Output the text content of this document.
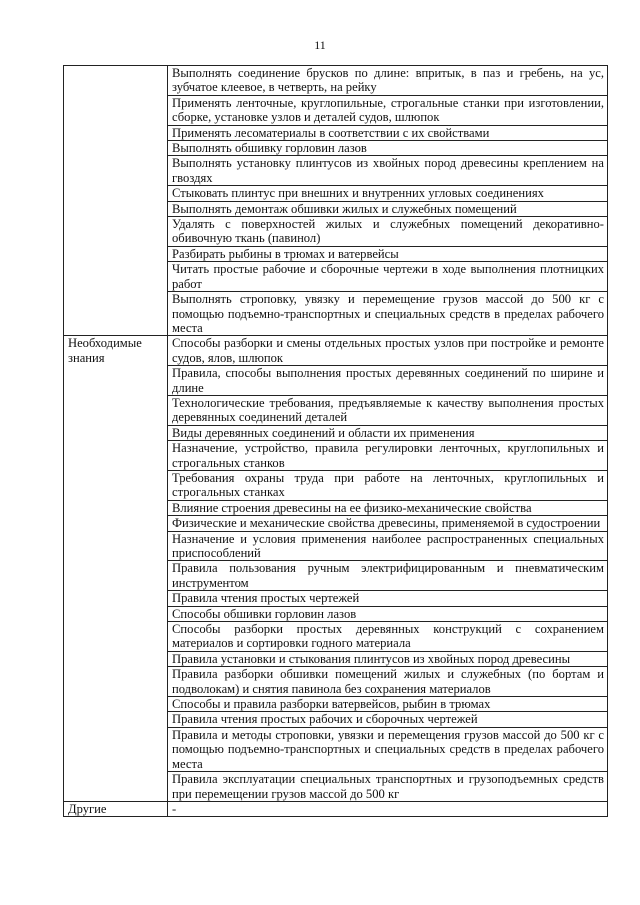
11
	Выполнять соединение брусков по длине: впритык, в паз и гребень, на ус, зубчатое клеевое, в четверть, на рейку
	Применять ленточные, круглопильные, строгальные станки при изготовлении, сборке, установке узлов и деталей судов, шлюпок
	Применять лесоматериалы в соответствии с их свойствами
	Выполнять обшивку горловин лазов
	Выполнять установку плинтусов из хвойных пород древесины креплением на гвоздях
	Стыковать плинтус при внешних и внутренних угловых соединениях
	Выполнять демонтаж обшивки жилых и служебных помещений
	Удалять с поверхностей жилых и служебных помещений декоративно-обивочную ткань (павинол)
	Разбирать рыбины в трюмах и ватервейсы
	Читать простые рабочие и сборочные чертежи в ходе выполнения плотницких работ
	Выполнять строповку, увязку и перемещение грузов массой до 500 кг с помощью подъемно-транспортных и специальных средств в пределах рабочего места
Необходимые знания	Способы разборки и смены отдельных простых узлов при постройке и ремонте судов, ялов, шлюпок
	Правила, способы выполнения простых деревянных соединений по ширине и длине
	Технологические требования, предъявляемые к качеству выполнения простых деревянных соединений деталей
	Виды деревянных соединений и области их применения
	Назначение, устройство, правила регулировки ленточных, круглопильных и строгальных станков
	Требования охраны труда при работе на ленточных, круглопильных и строгальных станках
	Влияние строения древесины на ее физико-механические свойства
	Физические и механические свойства древесины, применяемой в судостроении
	Назначение и условия применения наиболее распространенных специальных приспособлений
	Правила пользования ручным электрифицированным и пневматическим инструментом
	Правила чтения простых чертежей
	Способы обшивки горловин лазов
	Способы разборки простых деревянных конструкций с сохранением материалов и сортировки годного материала
	Правила установки и стыкования плинтусов из хвойных пород древесины
	Правила разборки обшивки помещений жилых и служебных (по бортам и подволокам) и снятия павинола без сохранения материалов
	Способы и правила разборки ватервейсов, рыбин в трюмах
	Правила чтения простых рабочих и сборочных чертежей
	Правила и методы строповки, увязки и перемещения грузов массой до 500 кг с помощью подъемно-транспортных и специальных средств в пределах рабочего места
	Правила эксплуатации специальных транспортных и грузоподъемных средств при перемещении грузов массой до 500 кг
Другие	-
